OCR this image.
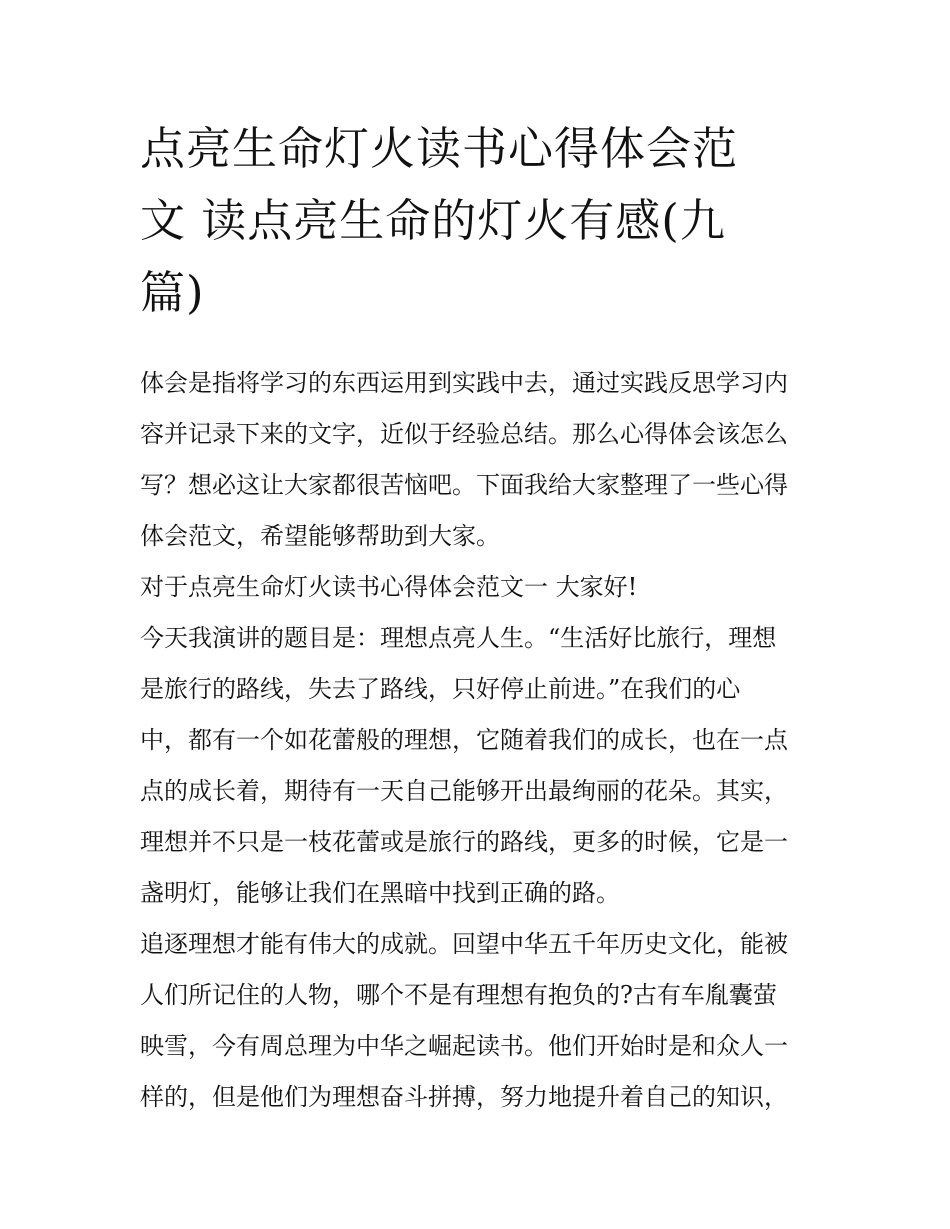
点亮生命灯火读书心得体会范
文 读点亮生命的灯火有感(九
篇)
体会是指将学习的东西运用到实践中去，通过实践反思学习内
容并记录下来的文字，近似于经验总结。那么心得体会该怎么
写？想必这让大家都很苦恼吧。下面我给大家整理了一些心得
体会范文，希望能够帮助到大家。
对于点亮生命灯火读书心得体会范文一 大家好!
今天我演讲的题目是：理想点亮人生。“生活好比旅行，理想
是旅行的路线，失去了路线，只好停止前进。”在我们的心
中，都有一个如花蕾般的理想，它随着我们的成长，也在一点
点的成长着，期待有一天自己能够开出最绚丽的花朵。其实，
理想并不只是一枝花蕾或是旅行的路线，更多的时候，它是一
盏明灯，能够让我们在黑暗中找到正确的路。
追逐理想才能有伟大的成就。回望中华五千年历史文化，能被
人们所记住的人物，哪个不是有理想有抱负的?古有车胤囊萤
映雪，今有周总理为中华之崛起读书。他们开始时是和众人一
样的，但是他们为理想奋斗拼搏，努力地提升着自己的知识，
